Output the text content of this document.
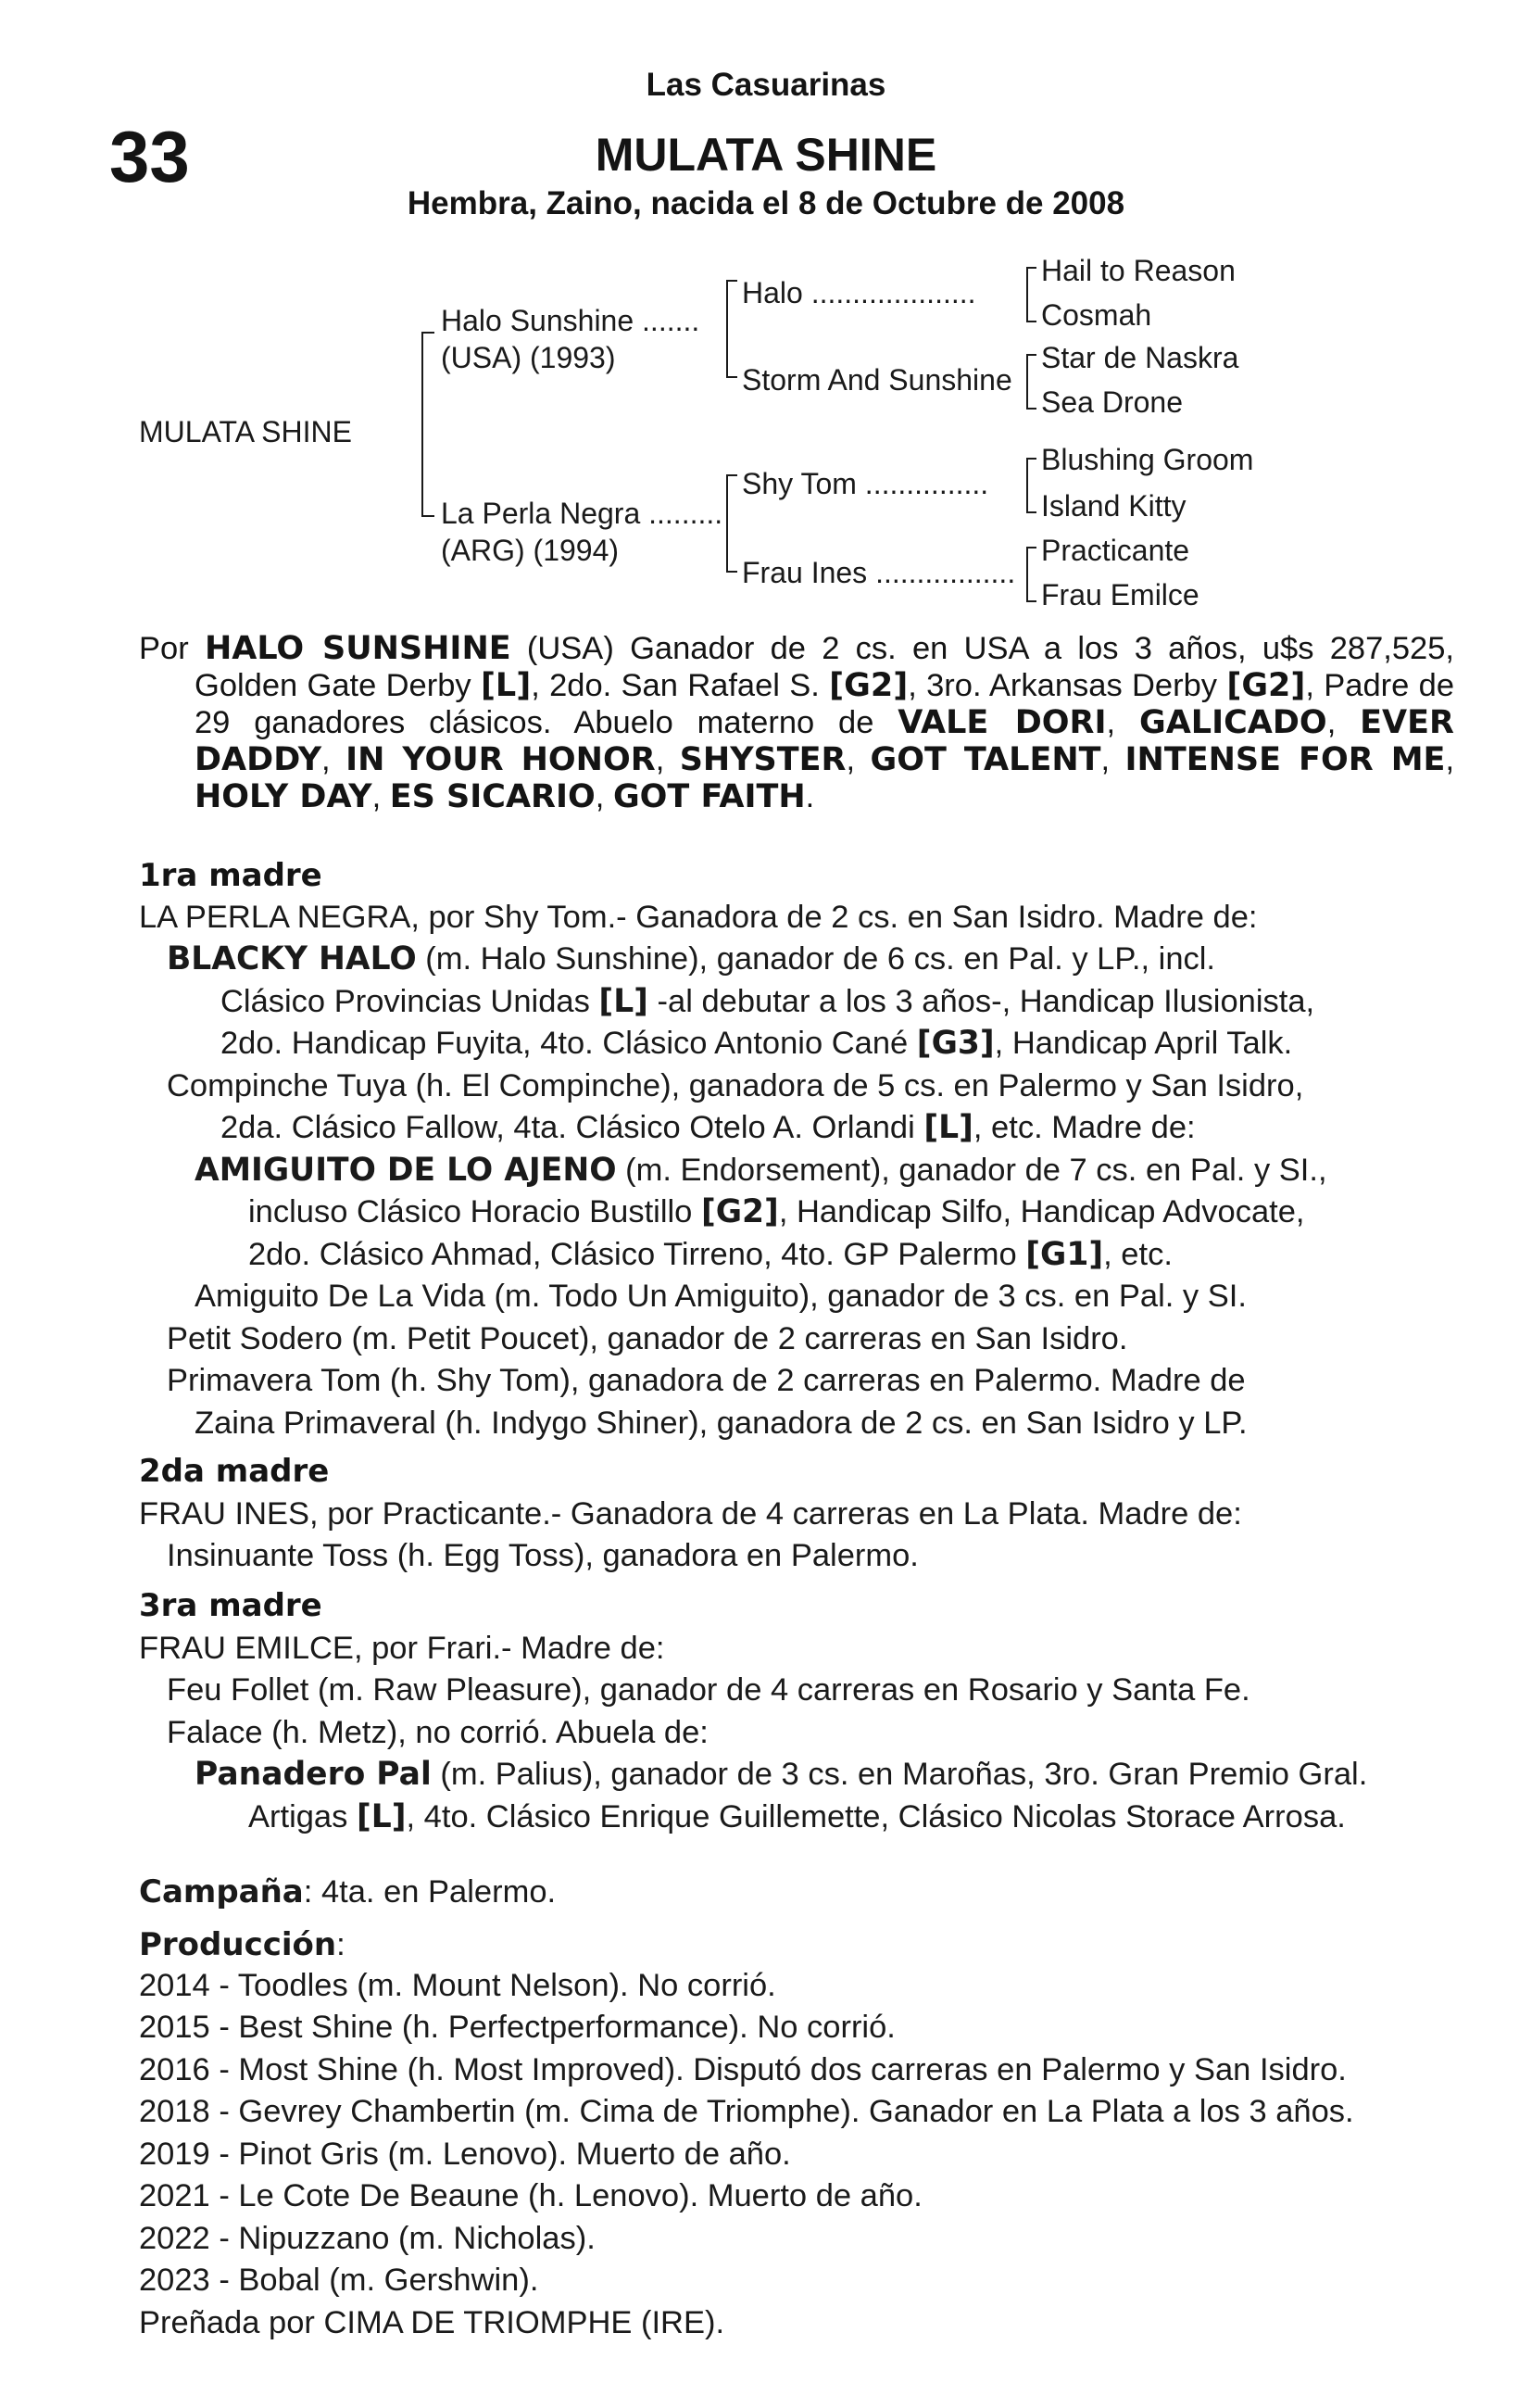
Las Casuarinas
33	MULATA SHINE
Hembra, Zaino, nacida el 8 de Octubre de 2008
MULATA SHINE
Halo Sunshine .......
(USA) (1993)
La Perla Negra .........
(ARG) (1994)
Halo ....................
Storm And Sunshine
Shy Tom ...............
Frau Ines .................
Hail to Reason
Cosmah
Star de Naskra
Sea Drone
Blushing Groom
Island Kitty
Practicante
Frau Emilce
Por HALO SUNSHINE (USA) Ganador de 2 cs. en USA a los 3 años, u$s 287,525, Golden Gate Derby [L], 2do. San Rafael S. [G2], 3ro. Arkansas Derby [G2], Padre de 29 ganadores clásicos. Abuelo materno de VALE DORI, GALICADO, EVER DADDY, IN YOUR HONOR, SHYSTER, GOT TALENT, INTENSE FOR ME, HOLY DAY, ES SICARIO, GOT FAITH.
1ra madre
LA PERLA NEGRA, por Shy Tom.- Ganadora de 2 cs. en San Isidro. Madre de:
BLACKY HALO (m. Halo Sunshine), ganador de 6 cs. en Pal. y LP., incl.
Clásico Provincias Unidas [L] -al debutar a los 3 años-, Handicap Ilusionista,
2do. Handicap Fuyita, 4to. Clásico Antonio Cané [G3], Handicap April Talk.
Compinche Tuya (h. El Compinche), ganadora de 5 cs. en Palermo y San Isidro,
2da. Clásico Fallow, 4ta. Clásico Otelo A. Orlandi [L], etc. Madre de:
AMIGUITO DE LO AJENO (m. Endorsement), ganador de 7 cs. en Pal. y SI.,
incluso Clásico Horacio Bustillo [G2], Handicap Silfo, Handicap Advocate,
2do. Clásico Ahmad, Clásico Tirreno, 4to. GP Palermo [G1], etc.
Amiguito De La Vida (m. Todo Un Amiguito), ganador de 3 cs. en Pal. y SI.
Petit Sodero (m. Petit Poucet), ganador de 2 carreras en San Isidro.
Primavera Tom (h. Shy Tom), ganadora de 2 carreras en Palermo. Madre de
Zaina Primaveral (h. Indygo Shiner), ganadora de 2 cs. en San Isidro y LP.
2da madre
FRAU INES, por Practicante.- Ganadora de 4 carreras en La Plata. Madre de:
Insinuante Toss (h. Egg Toss), ganadora en Palermo.
3ra madre
FRAU EMILCE, por Frari.- Madre de:
Feu Follet (m. Raw Pleasure), ganador de 4 carreras en Rosario y Santa Fe.
Falace (h. Metz), no corrió. Abuela de:
Panadero Pal (m. Palius), ganador de 3 cs. en Maroñas, 3ro. Gran Premio Gral.
Artigas [L], 4to. Clásico Enrique Guillemette, Clásico Nicolas Storace Arrosa.
Campaña: 4ta. en Palermo.
Producción:
2014 - Toodles (m. Mount Nelson). No corrió.
2015 - Best Shine (h. Perfectperformance). No corrió.
2016 - Most Shine (h. Most Improved). Disputó dos carreras en Palermo y San Isidro.
2018 - Gevrey Chambertin (m. Cima de Triomphe). Ganador en La Plata a los 3 años.
2019 - Pinot Gris (m. Lenovo). Muerto de año.
2021 - Le Cote De Beaune (h. Lenovo). Muerto de año.
2022 - Nipuzzano (m. Nicholas).
2023 - Bobal (m. Gershwin).
Preñada por CIMA DE TRIOMPHE (IRE).
